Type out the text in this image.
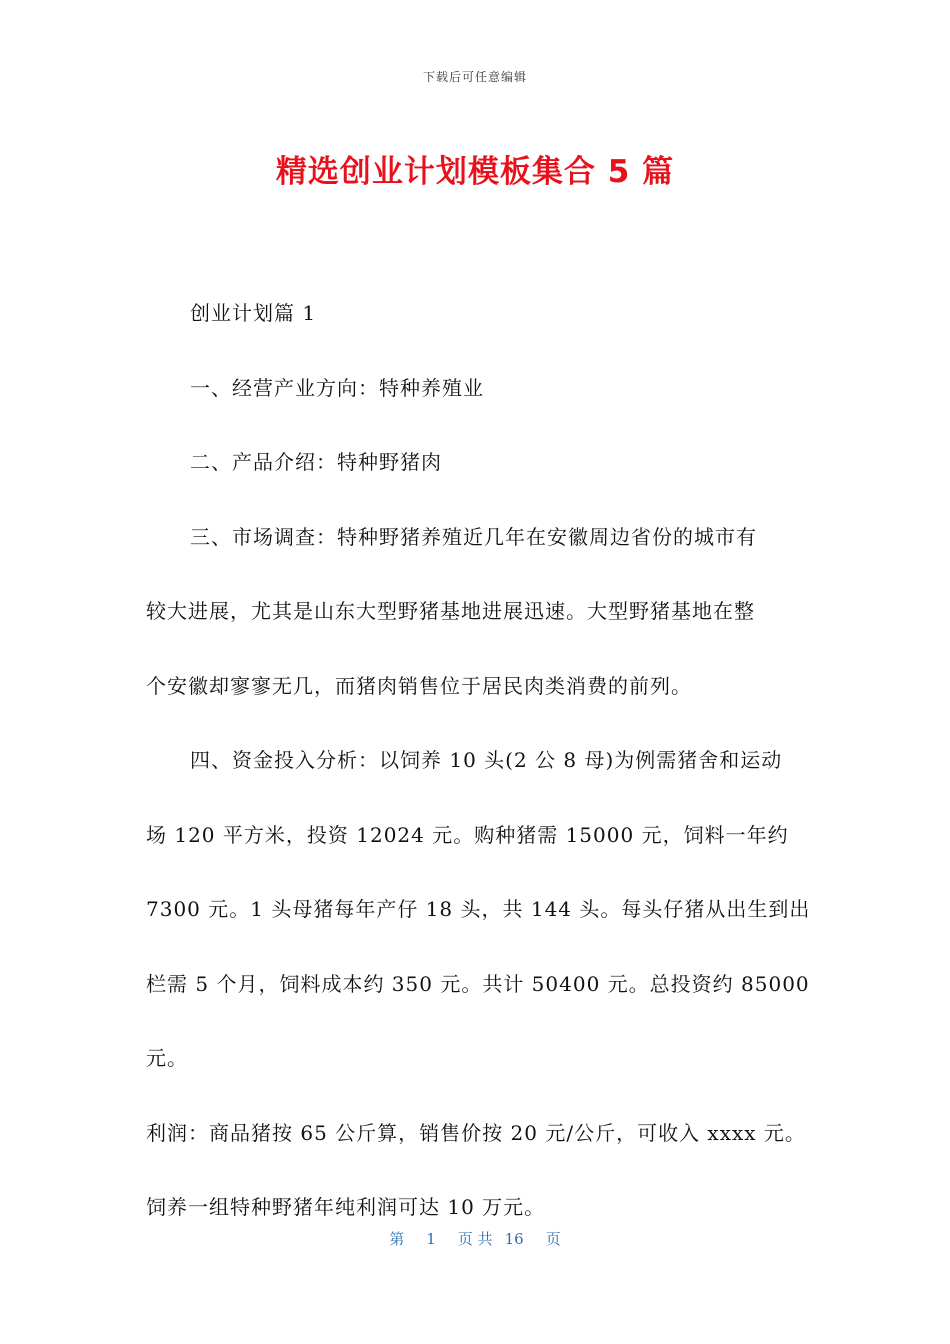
下载后可任意编辑
精选创业计划模板集合 5 篇

创业计划篇 1

一、经营产业方向：特种养殖业

二、产品介绍：特种野猪肉

三、市场调查：特种野猪养殖近几年在安徽周边省份的城市有

较大进展，尤其是山东大型野猪基地进展迅速。大型野猪基地在整

个安徽却寥寥无几，而猪肉销售位于居民肉类消费的前列。

四、资金投入分析：以饲养 10 头(2 公 8 母)为例需猪舍和运动

场 120 平方米，投资 12024 元。购种猪需 15000 元，饲料一年约

7300 元。1 头母猪每年产仔 18 头，共 144 头。每头仔猪从出生到出

栏需 5 个月，饲料成本约 350 元。共计 50400 元。总投资约 85000 元。

利润：商品猪按 65 公斤算，销售价按 20 元/公斤，可收入 xxxx 元。

饲养一组特种野猪年纯利润可达 10 万元。

第 1 页 共 16 页
